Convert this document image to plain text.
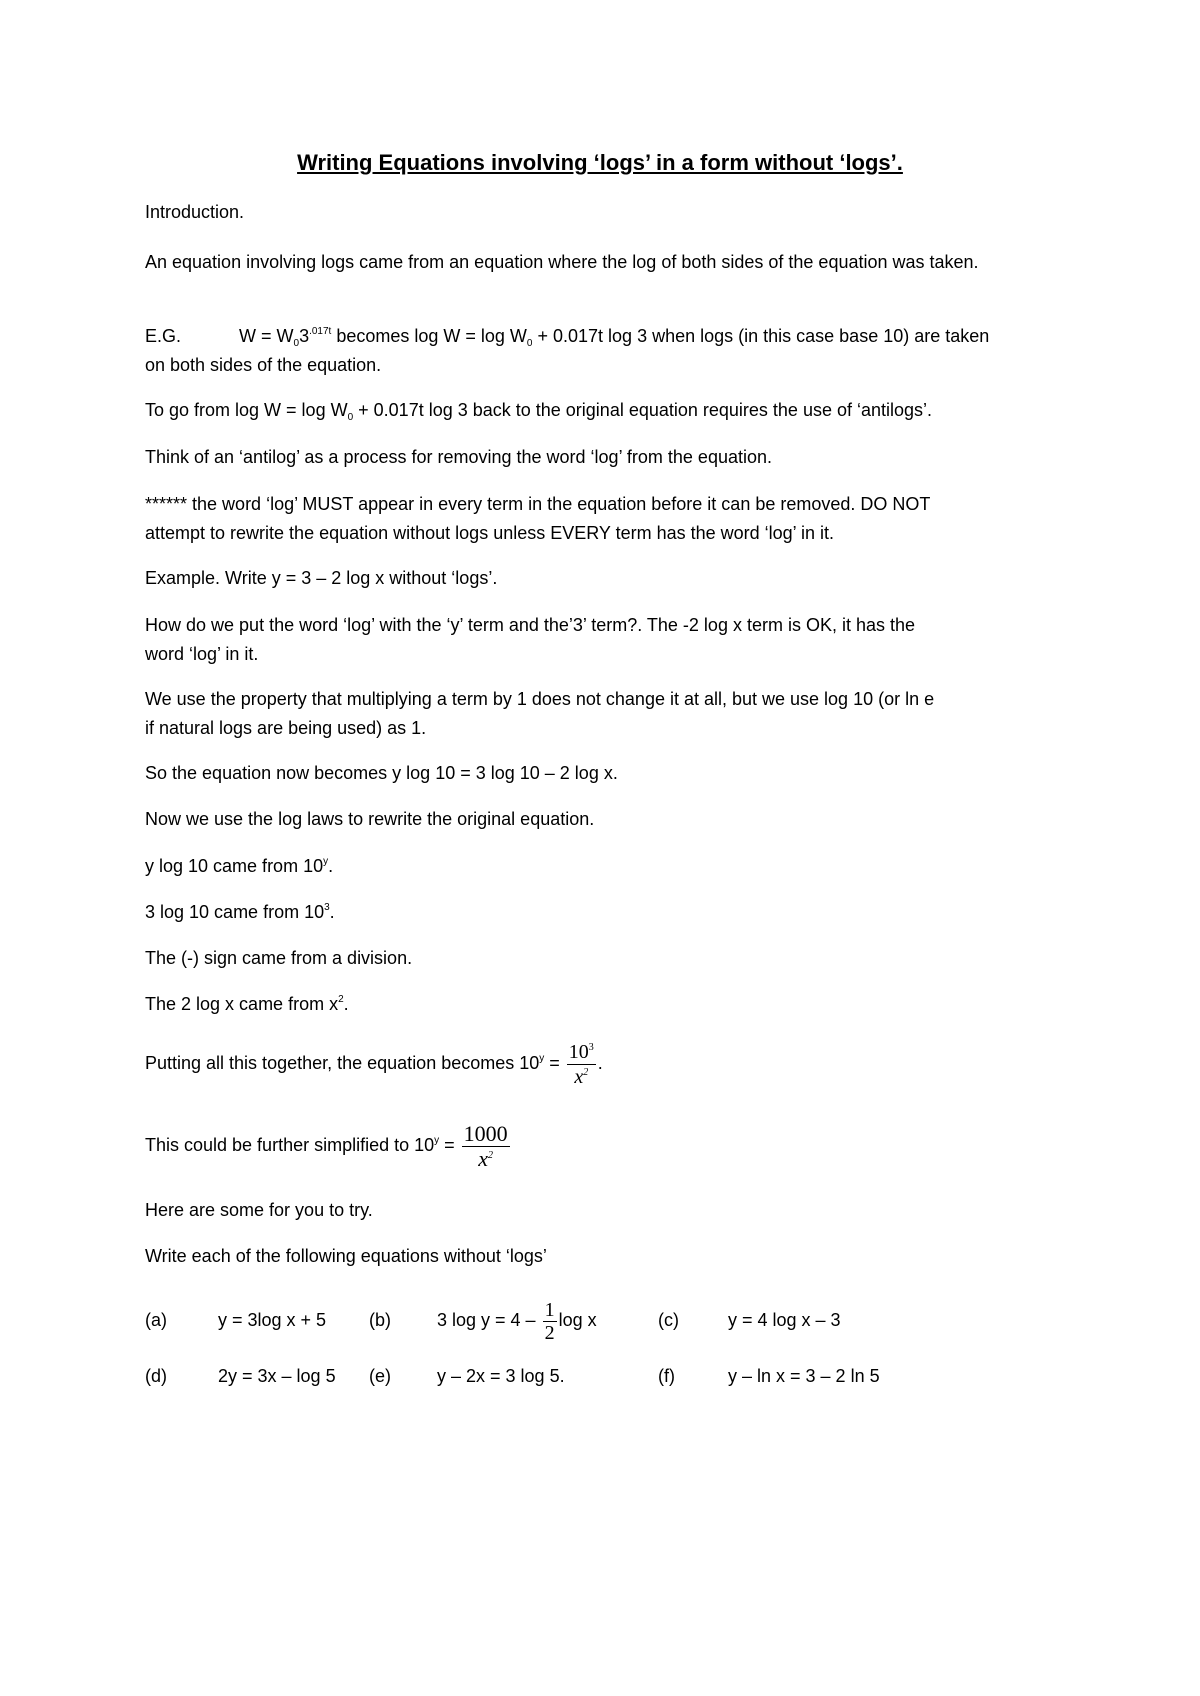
Writing Equations involving ‘logs’ in a form without ‘logs’.

Introduction.

An equation involving logs came from an equation where the log of both sides of the equation was taken.

E.G.	$W = W_03^{.017t}$ becomes $\log W = \log W_0 + 0.017t$ log 3 when logs (in this case base 10) are taken

on both sides of the equation.

To go from $\log W = \log W_0 + 0.017t$ log 3 back to the original equation requires the use of ‘antilogs’.

Think of an ‘antilog’ as a process for removing the word ‘log’ from the equation.

****** the word ‘log’ MUST appear in every term in the equation before it can be removed. DO NOT

attempt to rewrite the equation without logs unless EVERY term has the word ‘log’ in it.

Example. Write y = 3 – 2 log x without ‘logs’.

How do we put the word ‘log’ with the ‘y’ term and the’3’ term?. The -2 log x term is OK, it has the

word ‘log’ in it.

We use the property that multiplying a term by 1 does not change it at all, but we use log 10 (or ln e

if natural logs are being used) as 1.

So the equation now becomes y log 10 = 3 log 10 – 2 log x.

Now we use the log laws to rewrite the original equation.

y log 10 came from 10$^y$.

3 log 10 came from $10^3$.

The (-) sign came from a division.

The 2 log x came from $x^2$.

Putting all this together, the equation becomes $10^y = \frac{10^3}{x^2}$ .

This could be further simplified to $10^y = \frac{1000}{x^2}$

Here are some for you to try.

Write each of the following equations without ‘logs’

(a)	y = 3log x + 5 (b)	3 $\log y = 4 - \frac{1}{2}$ log x	(c)	y = 4 log x – 3
(d)	2y = 3x – log 5 (e)	y – 2x = 3 log 5.	(f)	y – ln x = 3 – 2 ln 5
